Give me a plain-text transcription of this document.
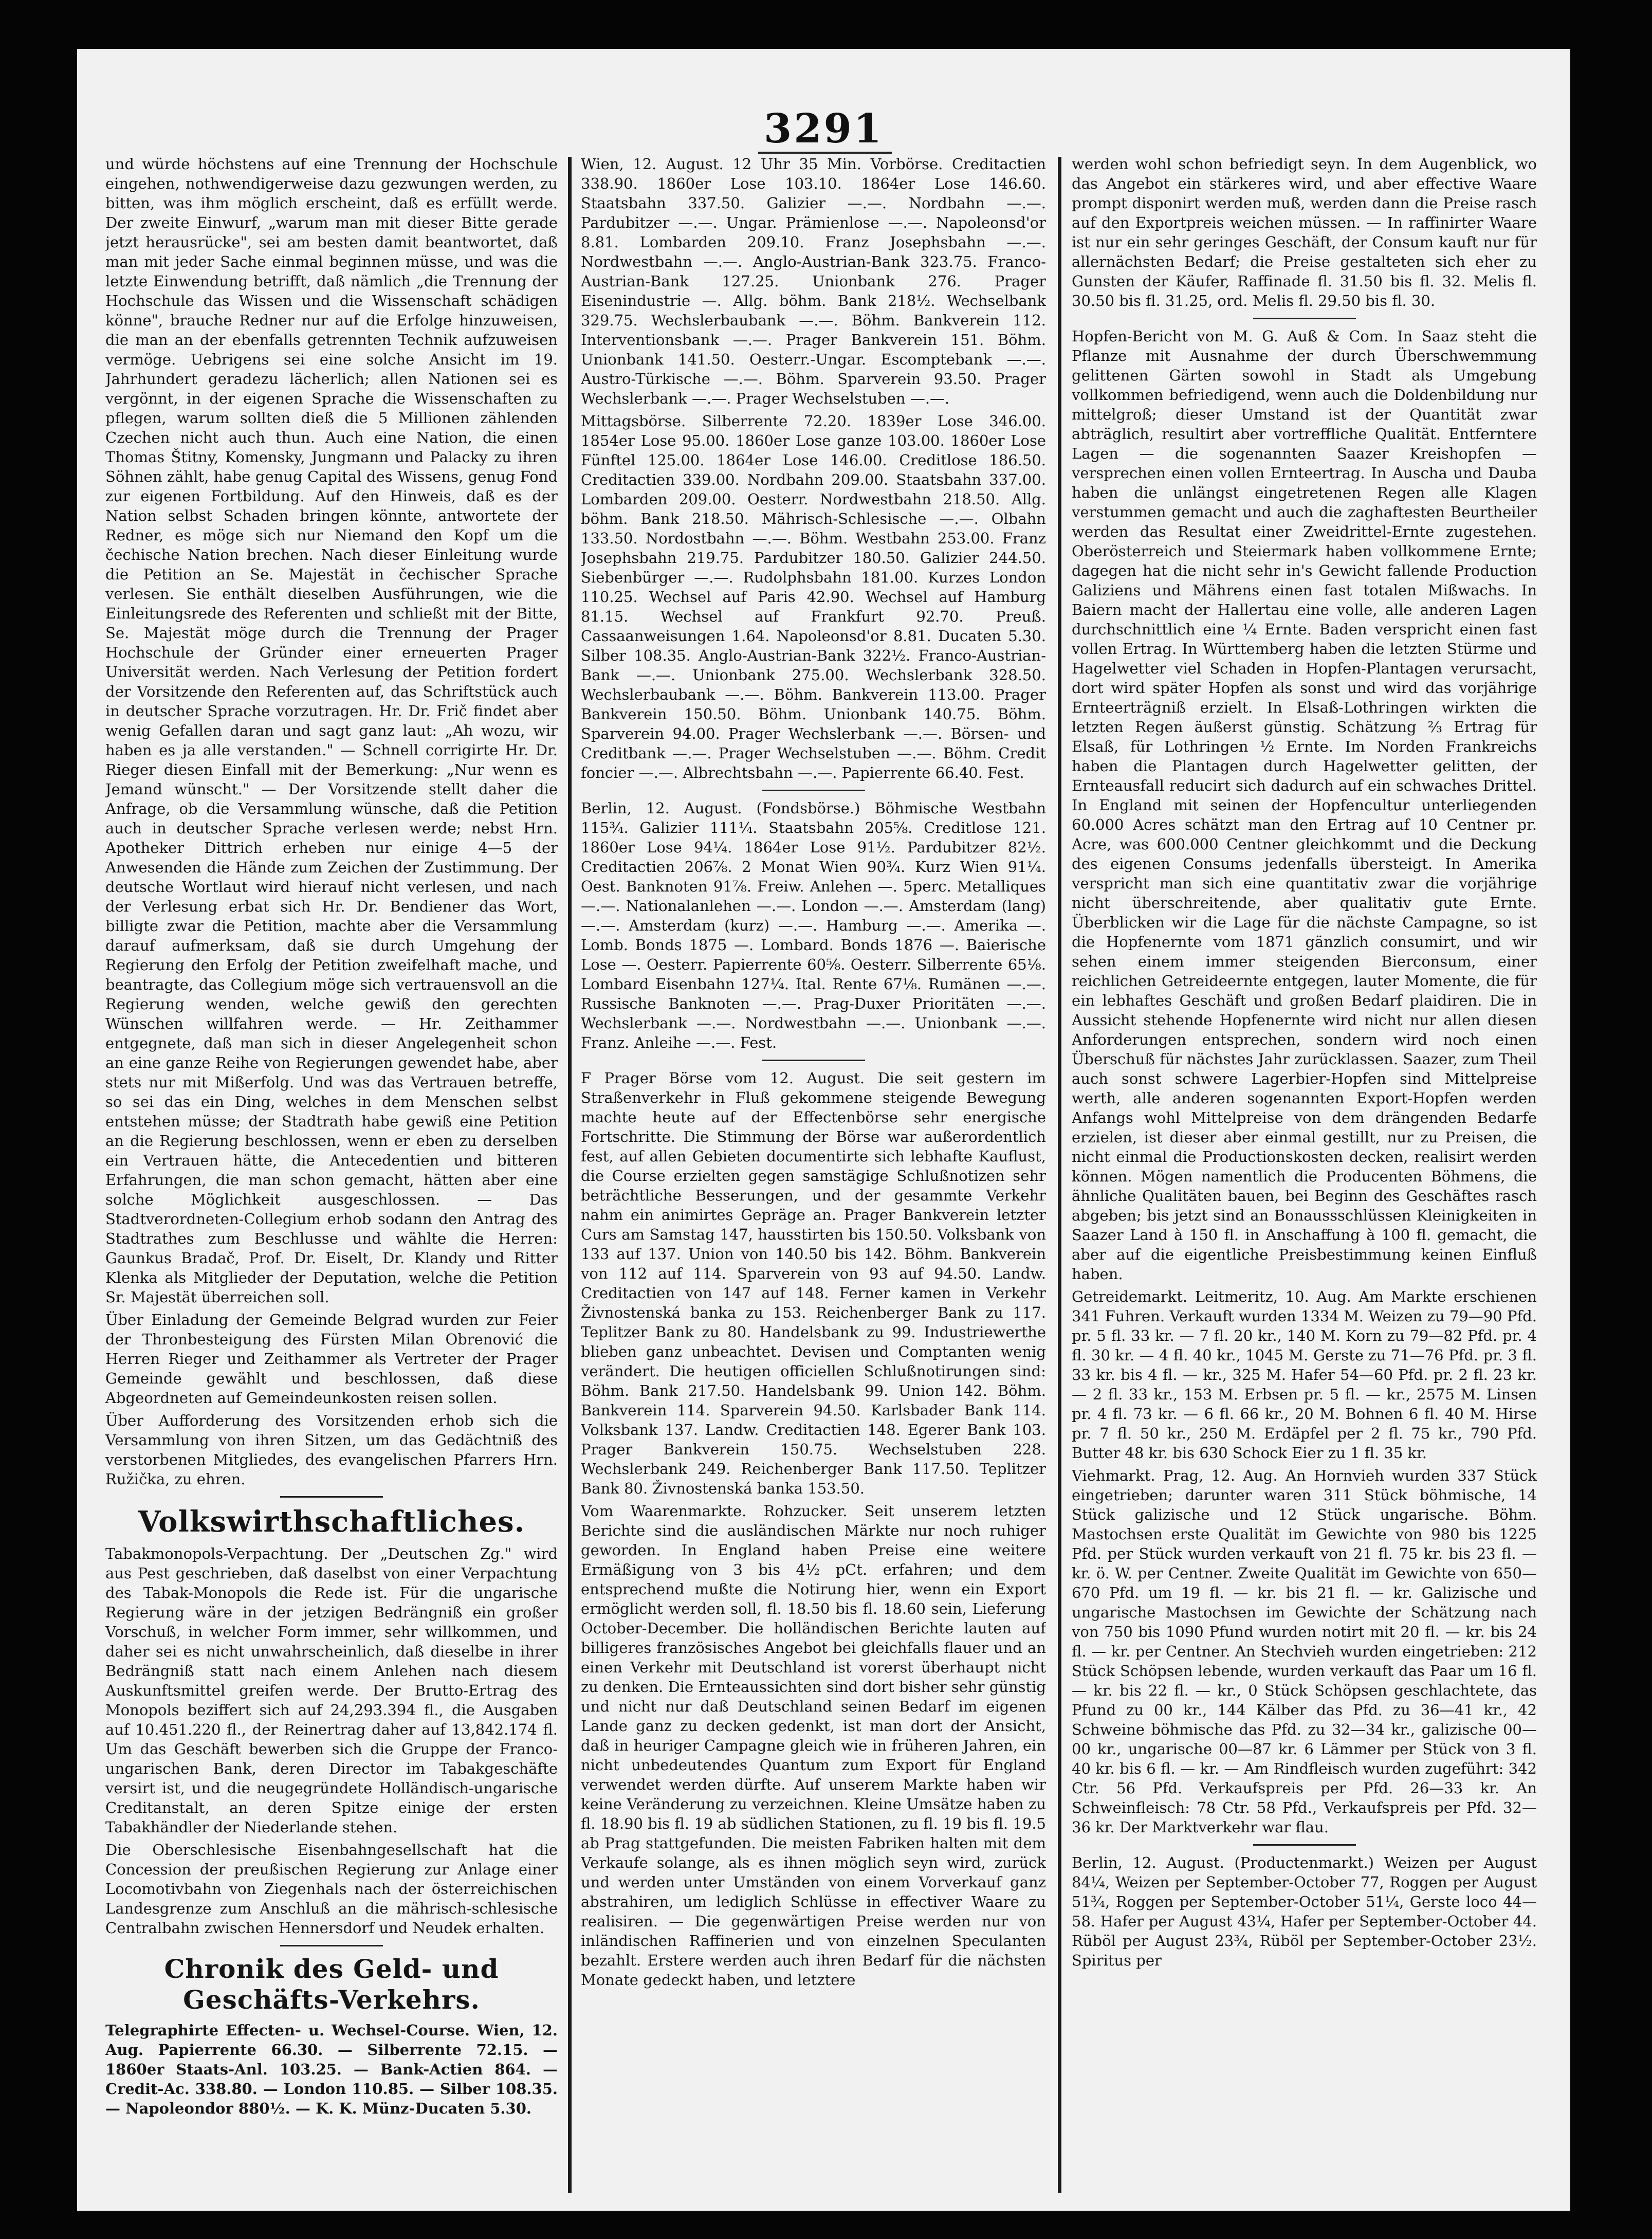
3291

und würde höchstens auf eine Trennung der Hochschule eingehen, nothwendigerweise dazu gezwungen werden, zu bitten, was ihm möglich erscheint, daß es erfüllt werde. Der zweite Einwurf, „warum man mit dieser Bitte gerade jetzt herausrücke", sei am besten damit beantwortet, daß man mit jeder Sache einmal beginnen müsse, und was die letzte Einwendung betrifft, daß nämlich „die Trennung der Hochschule das Wissen und die Wissenschaft schädigen könne", brauche Redner nur auf die Erfolge hinzuweisen, die man an der ebenfalls getrennten Technik aufzuweisen vermöge. Uebrigens sei eine solche Ansicht im 19. Jahrhundert geradezu lächerlich; allen Nationen sei es vergönnt, in der eigenen Sprache die Wissenschaften zu pflegen, warum sollten dieß die 5 Millionen zählenden Czechen nicht auch thun. Auch eine Nation, die einen Thomas Štitny, Komensky, Jungmann und Palacky zu ihren Söhnen zählt, habe genug Capital des Wissens, genug Fond zur eigenen Fortbildung. Auf den Hinweis, daß es der Nation selbst Schaden bringen könnte, antwortete der Redner, es möge sich nur Niemand den Kopf um die čechische Nation brechen. Nach dieser Einleitung wurde die Petition an Se. Majestät in čechischer Sprache verlesen. Sie enthält dieselben Ausführungen, wie die Einleitungsrede des Referenten und schließt mit der Bitte, Se. Majestät möge durch die Trennung der Prager Hochschule der Gründer einer erneuerten Prager Universität werden. Nach Verlesung der Petition fordert der Vorsitzende den Referenten auf, das Schriftstück auch in deutscher Sprache vorzutragen. Hr. Dr. Frič findet aber wenig Gefallen daran und sagt ganz laut: „Ah wozu, wir haben es ja alle verstanden." — Schnell corrigirte Hr. Dr. Rieger diesen Einfall mit der Bemerkung: „Nur wenn es Jemand wünscht." — Der Vorsitzende stellt daher die Anfrage, ob die Versammlung wünsche, daß die Petition auch in deutscher Sprache verlesen werde; nebst Hrn. Apotheker Dittrich erheben nur einige 4—5 der Anwesenden die Hände zum Zeichen der Zustimmung. Der deutsche Wortlaut wird hierauf nicht verlesen, und nach der Verlesung erbat sich Hr. Dr. Bendiener das Wort, billigte zwar die Petition, machte aber die Versammlung darauf aufmerksam, daß sie durch Umgehung der Regierung den Erfolg der Petition zweifelhaft mache, und beantragte, das Collegium möge sich vertrauensvoll an die Regierung wenden, welche gewiß den gerechten Wünschen willfahren werde. — Hr. Zeithammer entgegnete, daß man sich in dieser Angelegenheit schon an eine ganze Reihe von Regierungen gewendet habe, aber stets nur mit Mißerfolg. Und was das Vertrauen betreffe, so sei das ein Ding, welches in dem Menschen selbst entstehen müsse; der Stadtrath habe gewiß eine Petition an die Regierung beschlossen, wenn er eben zu derselben ein Vertrauen hätte, die Antecedentien und bitteren Erfahrungen, die man schon gemacht, hätten aber eine solche Möglichkeit ausgeschlossen. — Das Stadtverordneten-Collegium erhob sodann den Antrag des Stadtrathes zum Beschlusse und wählte die Herren: Gaunkus Bradač, Prof. Dr. Eiselt, Dr. Klandy und Ritter Klenka als Mitglieder der Deputation, welche die Petition Sr. Majestät überreichen soll.

Über Einladung der Gemeinde Belgrad wurden zur Feier der Thronbesteigung des Fürsten Milan Obrenović die Herren Rieger und Zeithammer als Vertreter der Prager Gemeinde gewählt und beschlossen, daß diese Abgeordneten auf Gemeindeunkosten reisen sollen.

Über Aufforderung des Vorsitzenden erhob sich die Versammlung von ihren Sitzen, um das Gedächtniß des verstorbenen Mitgliedes, des evangelischen Pfarrers Hrn. Ružička, zu ehren.

Volkswirthschaftliches.

Tabakmonopols-Verpachtung. Der „Deutschen Zg." wird aus Pest geschrieben, daß daselbst von einer Verpachtung des Tabak-Monopols die Rede ist. Für die ungarische Regierung wäre in der jetzigen Bedrängniß ein großer Vorschuß, in welcher Form immer, sehr willkommen, und daher sei es nicht unwahrscheinlich, daß dieselbe in ihrer Bedrängniß statt nach einem Anlehen nach diesem Auskunftsmittel greifen werde. Der Brutto-Ertrag des Monopols beziffert sich auf 24,293.394 fl., die Ausgaben auf 10.451.220 fl., der Reinertrag daher auf 13,842.174 fl. Um das Geschäft bewerben sich die Gruppe der Franco-ungarischen Bank, deren Director im Tabakgeschäfte versirt ist, und die neugegründete Holländisch-ungarische Creditanstalt, an deren Spitze einige der ersten Tabakhändler der Niederlande stehen.

Die Oberschlesische Eisenbahngesellschaft hat die Concession der preußischen Regierung zur Anlage einer Locomotivbahn von Ziegenhals nach der österreichischen Landesgrenze zum Anschluß an die mährisch-schlesische Centralbahn zwischen Hennersdorf und Neudek erhalten.

Chronik des Geld- und Geschäfts-Verkehrs.

Telegraphirte Effecten- u. Wechsel-Course. Wien, 12. Aug. Papierrente 66.30. — Silberrente 72.15. — 1860er Staats-Anl. 103.25. — Bank-Actien 864. — Credit-Ac. 338.80. — London 110.85. — Silber 108.35. — Napoleondor 880½. — K. K. Münz-Ducaten 5.30.

Wien, 12. August. 12 Uhr 35 Min. Vorbörse. Creditactien 338.90. 1860er Lose 103.10. 1864er Lose 146.60. Staatsbahn 337.50. Galizier —.—. Nordbahn —.—. Pardubitzer —.—. Ungar. Prämienlose —.—. Napoleonsd'or 8.81. Lombarden 209.10. Franz Josephsbahn —.—. Nordwestbahn —.—. Anglo-Austrian-Bank 323.75. Franco-Austrian-Bank 127.25. Unionbank 276. Prager Eisenindustrie —. Allg. böhm. Bank 218½. Wechselbank 329.75. Wechslerbaubank —.—. Böhm. Bankverein 112. Interventionsbank —.—. Prager Bankverein 151. Böhm. Unionbank 141.50. Oesterr.-Ungar. Escomptebank —.—. Austro-Türkische —.—. Böhm. Sparverein 93.50. Prager Wechslerbank —.—. Prager Wechselstuben —.—.

Mittagsbörse. Silberrente 72.20. 1839er Lose 346.00. 1854er Lose 95.00. 1860er Lose ganze 103.00. 1860er Lose Fünftel 125.00. 1864er Lose 146.00. Creditlose 186.50. Creditactien 339.00. Nordbahn 209.00. Staatsbahn 337.00. Lombarden 209.00. Oesterr. Nordwestbahn 218.50. Allg. böhm. Bank 218.50. Mährisch-Schlesische —.—. Olbahn 133.50. Nordostbahn —.—. Böhm. Westbahn 253.00. Franz Josephsbahn 219.75. Pardubitzer 180.50. Galizier 244.50. Siebenbürger —.—. Rudolphsbahn 181.00. Kurzes London 110.25. Wechsel auf Paris 42.90. Wechsel auf Hamburg 81.15. Wechsel auf Frankfurt 92.70. Preuß. Cassaanweisungen 1.64. Napoleonsd'or 8.81. Ducaten 5.30. Silber 108.35. Anglo-Austrian-Bank 322½. Franco-Austrian-Bank —.—. Unionbank 275.00. Wechslerbank 328.50. Wechslerbaubank —.—. Böhm. Bankverein 113.00. Prager Bankverein 150.50. Böhm. Unionbank 140.75. Böhm. Sparverein 94.00. Prager Wechslerbank —.—. Börsen- und Creditbank —.—. Prager Wechselstuben —.—. Böhm. Credit foncier —.—. Albrechtsbahn —.—. Papierrente 66.40. Fest.

Berlin, 12. August. (Fondsbörse.) Böhmische Westbahn 115¾. Galizier 111¼. Staatsbahn 205⅝. Creditlose 121. 1860er Lose 94¼. 1864er Lose 91½. Pardubitzer 82½. Creditactien 206⅞. 2 Monat Wien 90¾. Kurz Wien 91¼. Oest. Banknoten 91⅞. Freiw. Anlehen —. 5perc. Metalliques —.—. Nationalanlehen —.—. London —.—. Amsterdam (lang) —.—. Amsterdam (kurz) —.—. Hamburg —.—. Amerika —. Lomb. Bonds 1875 —. Lombard. Bonds 1876 —. Baierische Lose —. Oesterr. Papierrente 60⅝. Oesterr. Silberrente 65⅛. Lombard Eisenbahn 127¼. Ital. Rente 67⅛. Rumänen —.—. Russische Banknoten —.—. Prag-Duxer Prioritäten —.—. Wechslerbank —.—. Nordwestbahn —.—. Unionbank —.—. Franz. Anleihe —.—. Fest.

F Prager Börse vom 12. August. Die seit gestern im Straßenverkehr in Fluß gekommene steigende Bewegung machte heute auf der Effectenbörse sehr energische Fortschritte. Die Stimmung der Börse war außerordentlich fest, auf allen Gebieten documentirte sich lebhafte Kauflust, die Course erzielten gegen samstägige Schlußnotizen sehr beträchtliche Besserungen, und der gesammte Verkehr nahm ein animirtes Gepräge an. Prager Bankverein letzter Curs am Samstag 147, hausstirten bis 150.50. Volksbank von 133 auf 137. Union von 140.50 bis 142. Böhm. Bankverein von 112 auf 114. Sparverein von 93 auf 94.50. Landw. Creditactien von 147 auf 148. Ferner kamen in Verkehr Živnostenská banka zu 153. Reichenberger Bank zu 117. Teplitzer Bank zu 80. Handelsbank zu 99. Industriewerthe blieben ganz unbeachtet. Devisen und Comptanten wenig verändert. Die heutigen officiellen Schlußnotirungen sind: Böhm. Bank 217.50. Handelsbank 99. Union 142. Böhm. Bankverein 114. Sparverein 94.50. Karlsbader Bank 114. Volksbank 137. Landw. Creditactien 148. Egerer Bank 103. Prager Bankverein 150.75. Wechselstuben 228. Wechslerbank 249. Reichenberger Bank 117.50. Teplitzer Bank 80. Živnostenská banka 153.50.

Vom Waarenmarkte. Rohzucker. Seit unserem letzten Berichte sind die ausländischen Märkte nur noch ruhiger geworden. In England haben Preise eine weitere Ermäßigung von 3 bis 4½ pCt. erfahren; und dem entsprechend mußte die Notirung hier, wenn ein Export ermöglicht werden soll, fl. 18.50 bis fl. 18.60 sein, Lieferung October-December. Die holländischen Berichte lauten auf billigeres französisches Angebot bei gleichfalls flauer und an einen Verkehr mit Deutschland ist vorerst überhaupt nicht zu denken. Die Ernteaussichten sind dort bisher sehr günstig und nicht nur daß Deutschland seinen Bedarf im eigenen Lande ganz zu decken gedenkt, ist man dort der Ansicht, daß in heuriger Campagne gleich wie in früheren Jahren, ein nicht unbedeutendes Quantum zum Export für England verwendet werden dürfte. Auf unserem Markte haben wir keine Veränderung zu verzeichnen. Kleine Umsätze haben zu fl. 18.90 bis fl. 19 ab südlichen Stationen, zu fl. 19 bis fl. 19.5 ab Prag stattgefunden. Die meisten Fabriken halten mit dem Verkaufe solange, als es ihnen möglich seyn wird, zurück und werden unter Umständen von einem Vorverkauf ganz abstrahiren, um lediglich Schlüsse in effectiver Waare zu realisiren. — Die gegenwärtigen Preise werden nur von inländischen Raffinerien und von einzelnen Speculanten bezahlt. Erstere werden auch ihren Bedarf für die nächsten Monate gedeckt haben, und letztere

werden wohl schon befriedigt seyn. In dem Augenblick, wo das Angebot ein stärkeres wird, und aber effective Waare prompt disponirt werden muß, werden dann die Preise rasch auf den Exportpreis weichen müssen. — In raffinirter Waare ist nur ein sehr geringes Geschäft, der Consum kauft nur für allernächsten Bedarf; die Preise gestalteten sich eher zu Gunsten der Käufer, Raffinade fl. 31.50 bis fl. 32. Melis fl. 30.50 bis fl. 31.25, ord. Melis fl. 29.50 bis fl. 30.

Hopfen-Bericht von M. G. Auß & Com. In Saaz steht die Pflanze mit Ausnahme der durch Überschwemmung gelittenen Gärten sowohl in Stadt als Umgebung vollkommen befriedigend, wenn auch die Doldenbildung nur mittelgroß; dieser Umstand ist der Quantität zwar abträglich, resultirt aber vortreffliche Qualität. Entferntere Lagen — die sogenannten Saazer Kreishopfen — versprechen einen vollen Ernteertrag. In Auscha und Dauba haben die unlängst eingetretenen Regen alle Klagen verstummen gemacht und auch die zaghaftesten Beurtheiler werden das Resultat einer Zweidrittel-Ernte zugestehen. Oberösterreich und Steiermark haben vollkommene Ernte; dagegen hat die nicht sehr in's Gewicht fallende Production Galiziens und Mährens einen fast totalen Mißwachs. In Baiern macht der Hallertau eine volle, alle anderen Lagen durchschnittlich eine ¼ Ernte. Baden verspricht einen fast vollen Ertrag. In Württemberg haben die letzten Stürme und Hagelwetter viel Schaden in Hopfen-Plantagen verursacht, dort wird später Hopfen als sonst und wird das vorjährige Ernteerträgniß erzielt. In Elsaß-Lothringen wirkten die letzten Regen äußerst günstig. Schätzung ⅔ Ertrag für Elsaß, für Lothringen ½ Ernte. Im Norden Frankreichs haben die Plantagen durch Hagelwetter gelitten, der Ernteausfall reducirt sich dadurch auf ein schwaches Drittel. In England mit seinen der Hopfencultur unterliegenden 60.000 Acres schätzt man den Ertrag auf 10 Centner pr. Acre, was 600.000 Centner gleichkommt und die Deckung des eigenen Consums jedenfalls übersteigt. In Amerika verspricht man sich eine quantitativ zwar die vorjährige nicht überschreitende, aber qualitativ gute Ernte. Überblicken wir die Lage für die nächste Campagne, so ist die Hopfenernte vom 1871 gänzlich consumirt, und wir sehen einem immer steigenden Bierconsum, einer reichlichen Getreideernte entgegen, lauter Momente, die für ein lebhaftes Geschäft und großen Bedarf plaidiren. Die in Aussicht stehende Hopfenernte wird nicht nur allen diesen Anforderungen entsprechen, sondern wird noch einen Überschuß für nächstes Jahr zurücklassen. Saazer, zum Theil auch sonst schwere Lagerbier-Hopfen sind Mittelpreise werth, alle anderen sogenannten Export-Hopfen werden Anfangs wohl Mittelpreise von dem drängenden Bedarfe erzielen, ist dieser aber einmal gestillt, nur zu Preisen, die nicht einmal die Productionskosten decken, realisirt werden können. Mögen namentlich die Producenten Böhmens, die ähnliche Qualitäten bauen, bei Beginn des Geschäftes rasch abgeben; bis jetzt sind an Bonaussschlüssen Kleinigkeiten in Saazer Land à 150 fl. in Anschaffung à 100 fl. gemacht, die aber auf die eigentliche Preisbestimmung keinen Einfluß haben.

Getreidemarkt. Leitmeritz, 10. Aug. Am Markte erschienen 341 Fuhren. Verkauft wurden 1334 M. Weizen zu 79—90 Pfd. pr. 5 fl. 33 kr. — 7 fl. 20 kr., 140 M. Korn zu 79—82 Pfd. pr. 4 fl. 30 kr. — 4 fl. 40 kr., 1045 M. Gerste zu 71—76 Pfd. pr. 3 fl. 33 kr. bis 4 fl. — kr., 325 M. Hafer 54—60 Pfd. pr. 2 fl. 23 kr. — 2 fl. 33 kr., 153 M. Erbsen pr. 5 fl. — kr., 2575 M. Linsen pr. 4 fl. 73 kr. — 6 fl. 66 kr., 20 M. Bohnen 6 fl. 40 M. Hirse pr. 7 fl. 50 kr., 250 M. Erdäpfel per 2 fl. 75 kr., 790 Pfd. Butter 48 kr. bis 630 Schock Eier zu 1 fl. 35 kr.

Viehmarkt. Prag, 12. Aug. An Hornvieh wurden 337 Stück eingetrieben; darunter waren 311 Stück böhmische, 14 Stück galizische und 12 Stück ungarische. Böhm. Mastochsen erste Qualität im Gewichte von 980 bis 1225 Pfd. per Stück wurden verkauft von 21 fl. 75 kr. bis 23 fl. — kr. ö. W. per Centner. Zweite Qualität im Gewichte von 650—670 Pfd. um 19 fl. — kr. bis 21 fl. — kr. Galizische und ungarische Mastochsen im Gewichte der Schätzung nach von 750 bis 1090 Pfund wurden notirt mit 20 fl. — kr. bis 24 fl. — kr. per Centner. An Stechvieh wurden eingetrieben: 212 Stück Schöpsen lebende, wurden verkauft das Paar um 16 fl. — kr. bis 22 fl. — kr., 0 Stück Schöpsen geschlachtete, das Pfund zu 00 kr., 144 Kälber das Pfd. zu 36—41 kr., 42 Schweine böhmische das Pfd. zu 32—34 kr., galizische 00—00 kr., ungarische 00—87 kr. 6 Lämmer per Stück von 3 fl. 40 kr. bis 6 fl. — kr. — Am Rindfleisch wurden zugeführt: 342 Ctr. 56 Pfd. Verkaufspreis per Pfd. 26—33 kr. An Schweinfleisch: 78 Ctr. 58 Pfd., Verkaufspreis per Pfd. 32—36 kr. Der Marktverkehr war flau.

Berlin, 12. August. (Productenmarkt.) Weizen per August 84¼, Weizen per September-October 77, Roggen per August 51¾, Roggen per September-October 51¼, Gerste loco 44—58. Hafer per August 43¼, Hafer per September-October 44. Rüböl per August 23¾, Rüböl per September-October 23½. Spiritus per
